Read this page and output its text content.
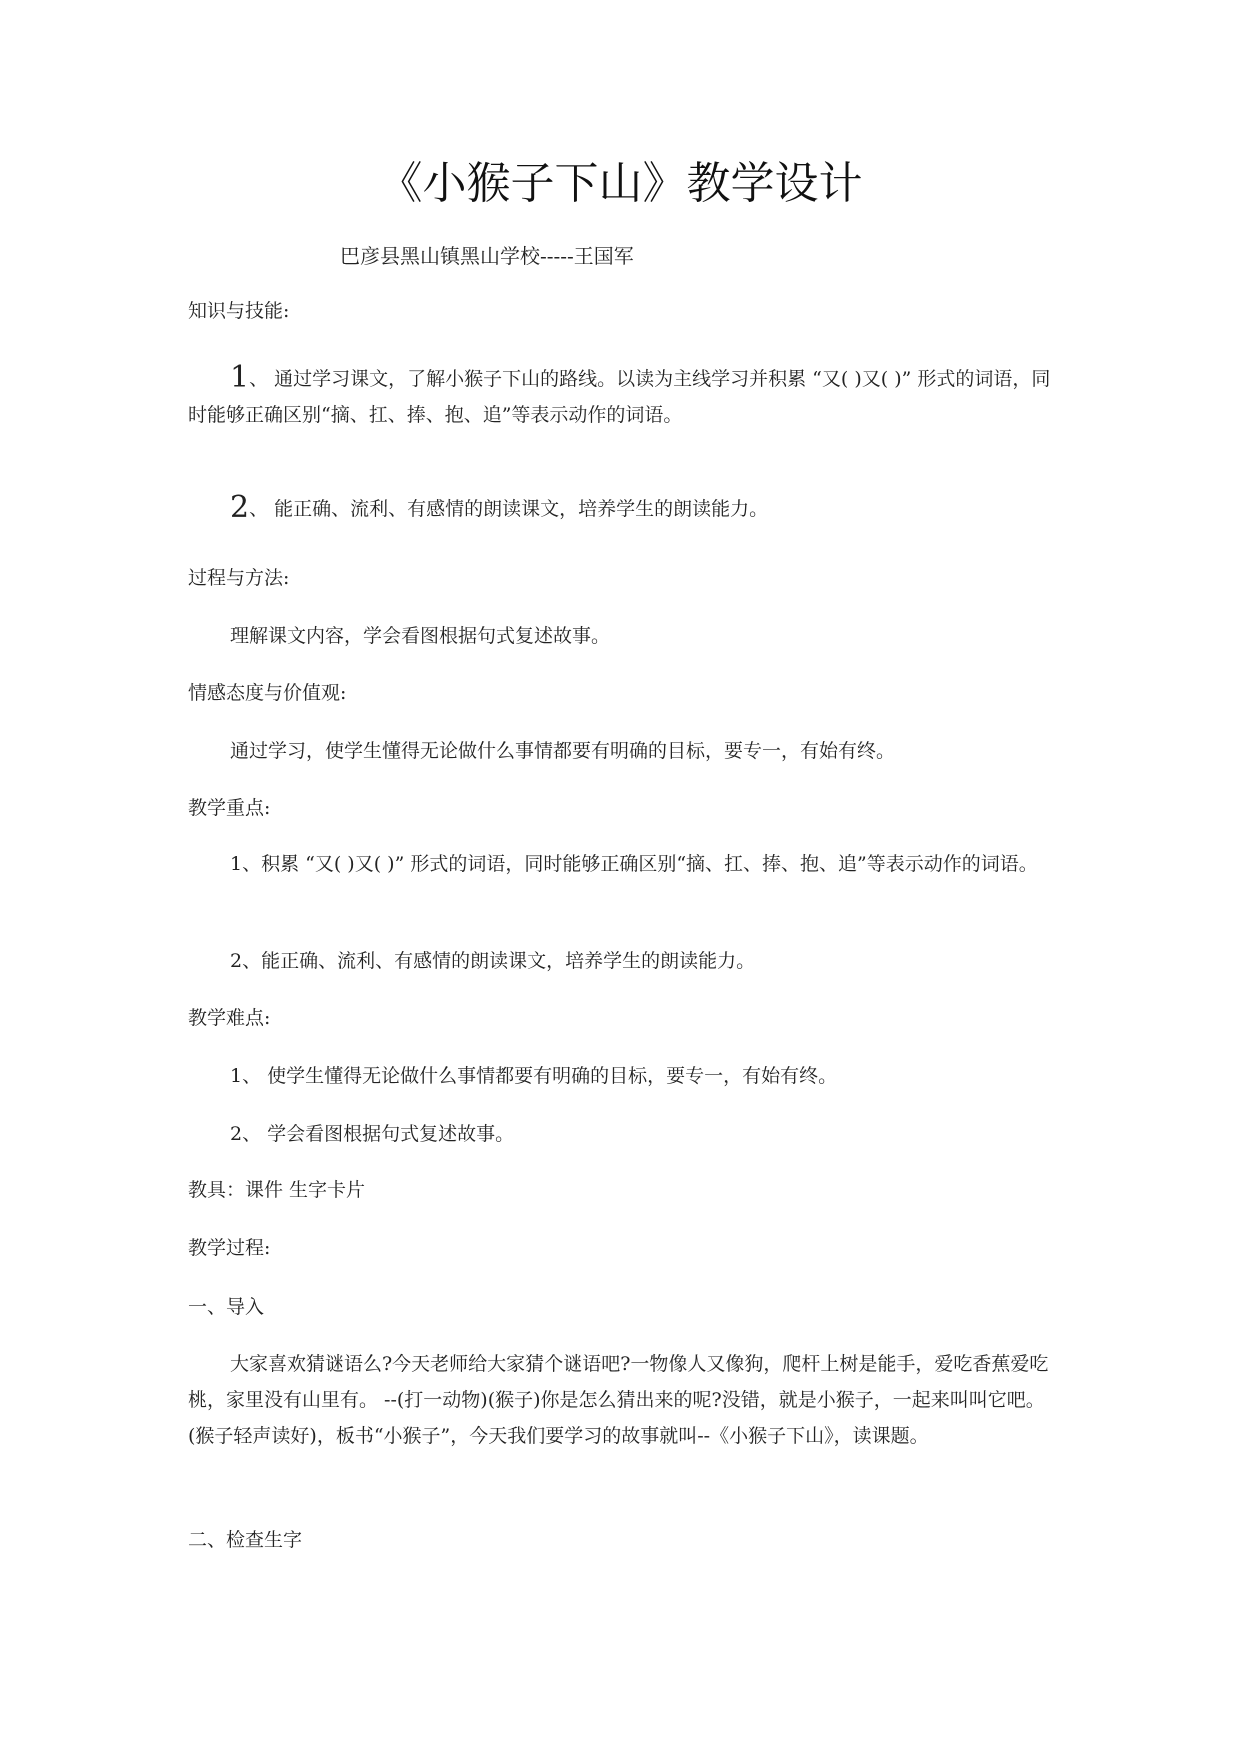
《小猴子下山》教学设计
巴彦县黑山镇黑山学校-----王国军

知识与技能:

1、 通过学习课文，了解小猴子下山的路线。以读为主线学习并积累 “又( )又( )” 形式的词语，同时能够正确区别“摘、扛、捧、抱、追”等表示动作的词语。

2、 能正确、流利、有感情的朗读课文，培养学生的朗读能力。

过程与方法:

理解课文内容，学会看图根据句式复述故事。

情感态度与价值观:

通过学习，使学生懂得无论做什么事情都要有明确的目标，要专一，有始有终。

教学重点:

1、积累 “又( )又( )” 形式的词语，同时能够正确区别“摘、扛、捧、抱、追”等表示动作的词语。

2、能正确、流利、有感情的朗读课文，培养学生的朗读能力。

教学难点:

1、 使学生懂得无论做什么事情都要有明确的目标，要专一，有始有终。

2、 学会看图根据句式复述故事。

教具：课件 生字卡片

教学过程:

一、导入

大家喜欢猜谜语么?今天老师给大家猜个谜语吧?一物像人又像狗，爬杆上树是能手，爱吃香蕉爱吃桃，家里没有山里有。 --(打一动物)(猴子)你是怎么猜出来的呢?没错，就是小猴子，一起来叫叫它吧。(猴子轻声读好)，板书“小猴子”，今天我们要学习的故事就叫--《小猴子下山》，读课题。

二、检查生字
